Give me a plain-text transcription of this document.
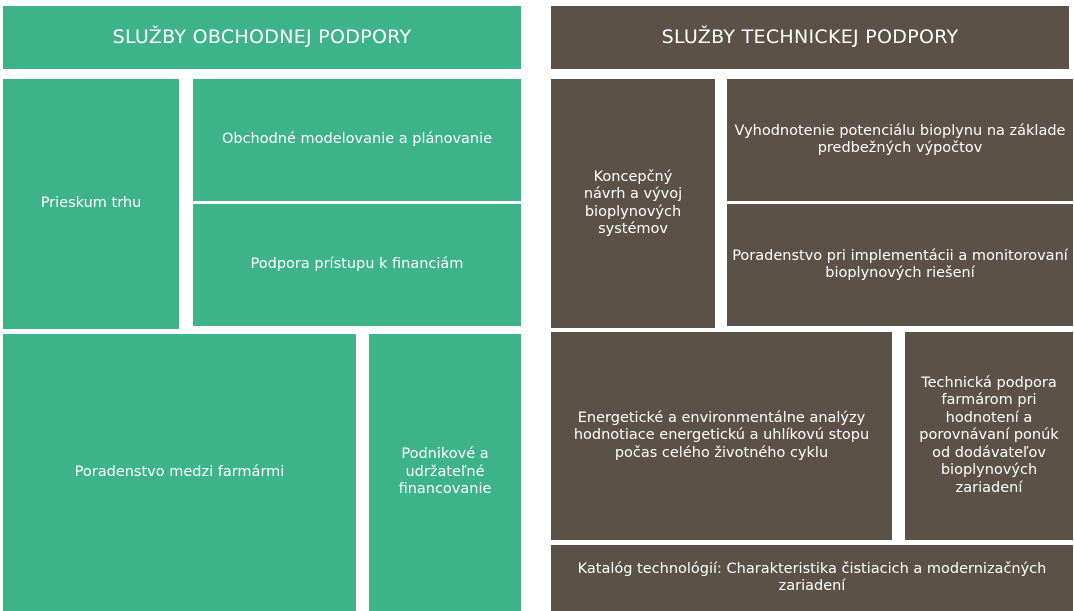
SLUŽBY OBCHODNEJ PODPORY
Prieskum trhu
Obchodné modelovanie a plánovanie
Podpora prístupu k financiám
Poradenstvo medzi farmármi
Podnikové a
udržateľné
financovanie
SLUŽBY TECHNICKEJ PODPORY
Koncepčný
návrh a vývoj
bioplynových
systémov
Vyhodnotenie potenciálu bioplynu na základe
predbežných výpočtov
Poradenstvo pri implementácii a monitorovaní
bioplynových riešení
Energetické a environmentálne analýzy
hodnotiace energetickú a uhlíkovú stopu
počas celého životného cyklu
Technická podpora
farmárom pri
hodnotení a
porovnávaní ponúk
od dodávateľov
bioplynových
zariadení
Katalóg technológií: Charakteristika čistiacich a modernizačných
zariadení
